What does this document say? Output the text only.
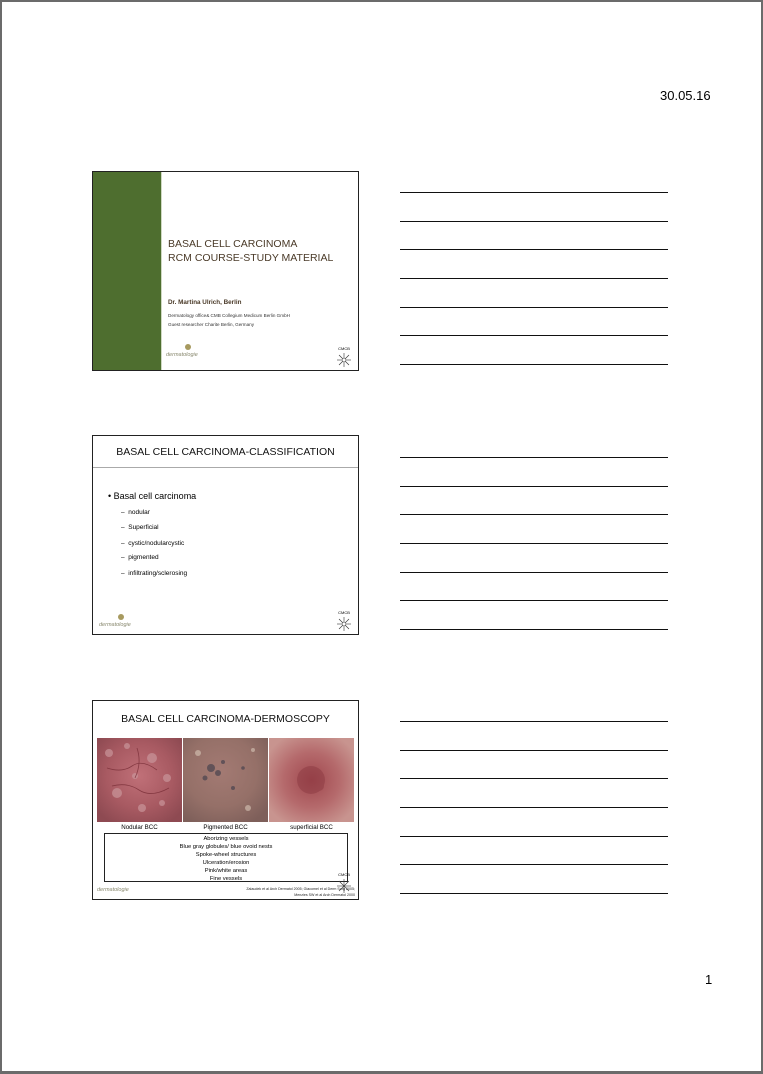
30.05.16
BASAL CELL CARCINOMA
RCM COURSE-STUDY MATERIAL
Dr. Martina Ulrich, Berlin
Dermatology office& CMB Collegium Medicum Berlin GmbH
Guest researcher Charite Berlin, Germany
dermatologie
CMCB
BASAL CELL CARCINOMA-CLASSIFICATION
• Basal cell carcinoma
–  nodular
–  Superficial
–  cystic/nodularcystic
–  pigmented
–  infiltrating/sclerosing
dermatologie
CMCB
BASAL CELL CARCINOMA-DERMOSCOPY
Nodular BCC	Pigmented BCC	superficial BCC
Aborizing vessels
Blue gray globules/ blue ovoid nests
Spoke-wheel structures
Ulceration/erosion
Pink/white areas
Fine vessels
dermatologie
CMCB
Zalaudek et al Arch Dermatol 2005; Giacomel et al Derm Surg 2005;
Menzies SW et al Arch Dermatol 2000
1
